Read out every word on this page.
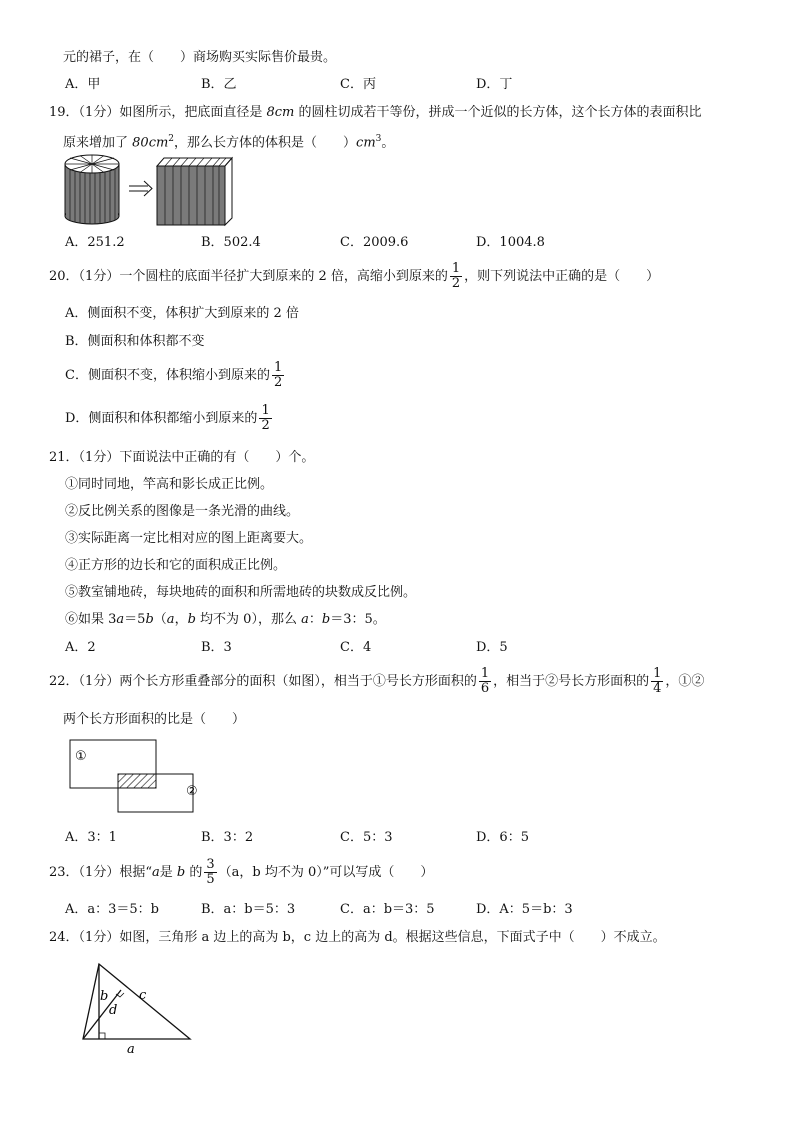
元的裙子，在（　　）商场购买实际售价最贵。
A．甲	B．乙	C．丙	D．丁
19．（1分）如图所示，把底面直径是 8cm 的圆柱切成若干等份，拼成一个近似的长方体，这个长方体的表面积比
原来增加了 $80cm^2$，那么长方体的体积是（　　）$cm^3$。
A．251.2	B．502.4	C．2009.6	D．1004.8
20．（1分）一个圆柱的底面半径扩大到原来的 2 倍，高缩小到原来的 $\frac{1}{2}$ ，则下列说法中正确的是（　　）
A．侧面积不变，体积扩大到原来的 2 倍
B．侧面积和体积都不变
C．侧面积不变，体积缩小到原来的 $\frac{1}{2}$
D．侧面积和体积都缩小到原来的 $\frac{1}{2}$
21．（1分）下面说法中正确的有（　　）个。
①同时同地，竿高和影长成正比例。
②反比例关系的图像是一条光滑的曲线。
③实际距离一定比相对应的图上距离要大。
④正方形的边长和它的面积成正比例。
⑤教室铺地砖，每块地砖的面积和所需地砖的块数成反比例。
⑥如果 3a＝5b（a，b 均不为 0），那么 a：b＝3：5。
A．2	B．3	C．4	D．5
22．（1分）两个长方形重叠部分的面积（如图），相当于①号长方形面积的 $\frac{1}{6}$ ，相当于②号长方形面积的 $\frac{1}{4}$ ，①②
两个长方形面积的比是（　　）
①
②
A．3：1	B．3：2	C．5：3	D．6：5
23．（1分）根据“a是 b 的 $\frac{3}{5} (a$，b 均不为 0）”可以写成（　　）
A．a：3＝5：b	B．a：b＝5：3	C．a：b＝3：5	D．A：5＝b：3
24．（1分）如图，三角形 a 边上的高为 b，c 边上的高为 d。根据这些信息，下面式子中（　　）不成立。
b
d
c
a
